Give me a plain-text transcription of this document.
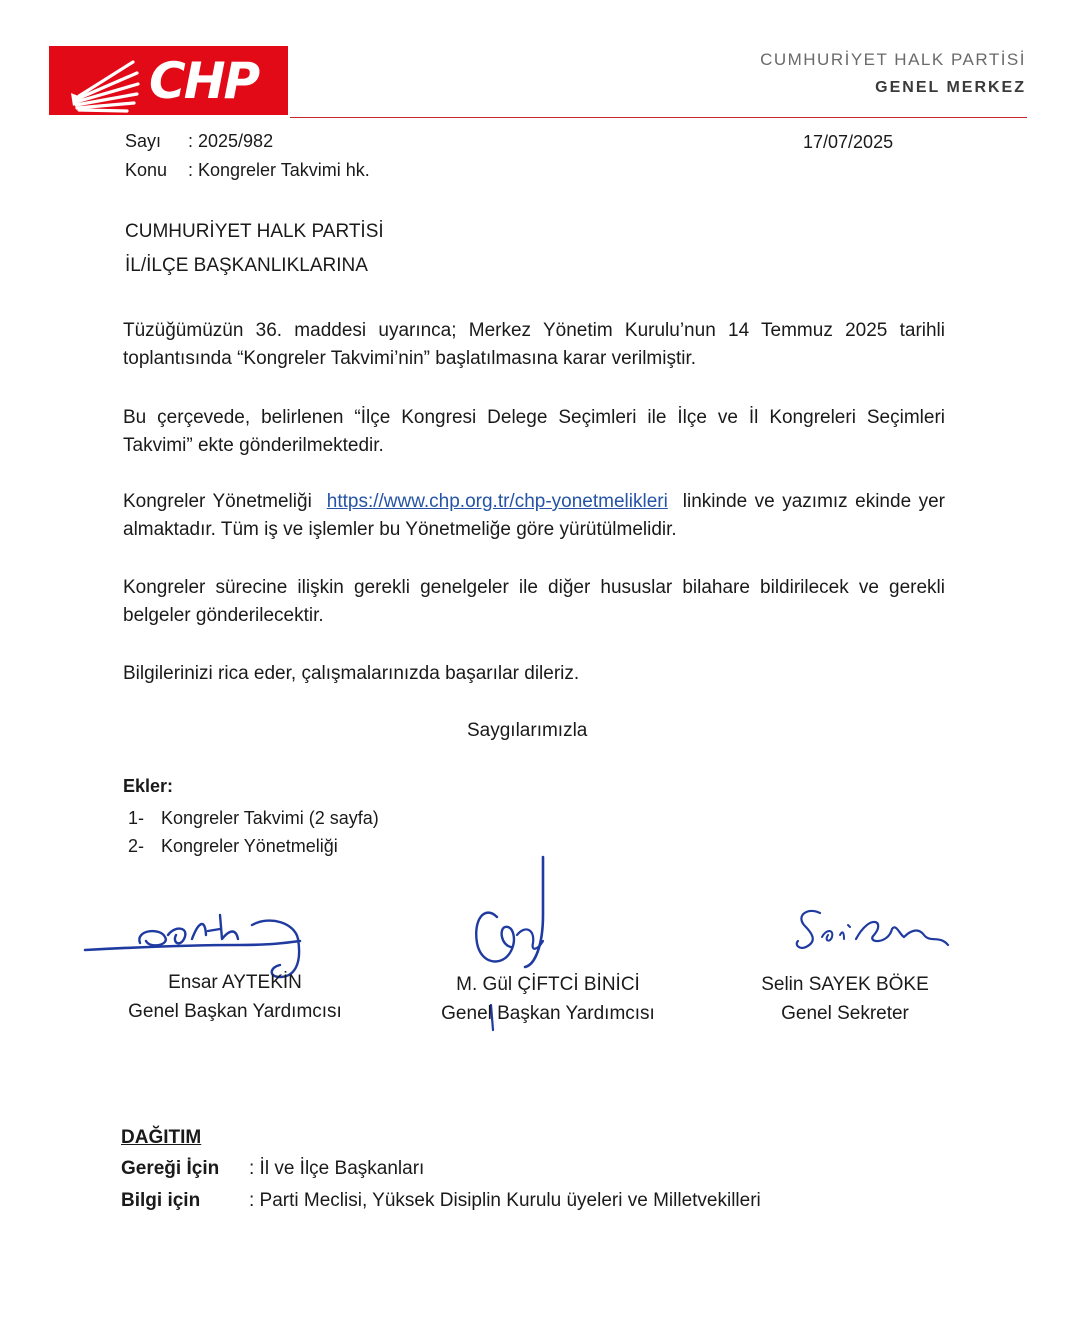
CHP	CUMHURİYET HALK PARTİSİ
GENEL MERKEZ
Sayı : 2025/982
Konu : Kongreler Takvimi hk.
17/07/2025
CUMHURİYET HALK PARTİSİ
İL/İLÇE BAŞKANLIKLARINA
Tüzüğümüzün 36. maddesi uyarınca; Merkez Yönetim Kurulu’nun 14 Temmuz 2025 tarihli toplantısında “Kongreler Takvimi’nin” başlatılmasına karar verilmiştir.
Bu çerçevede, belirlenen “İlçe Kongresi Delege Seçimleri ile İlçe ve İl Kongreleri Seçimleri Takvimi” ekte gönderilmektedir.
Kongreler Yönetmeliği https://www.chp.org.tr/chp-yonetmelikleri linkinde ve yazımız ekinde yer almaktadır. Tüm iş ve işlemler bu Yönetmeliğe göre yürütülmelidir.
Kongreler sürecine ilişkin gerekli genelgeler ile diğer hususlar bilahare bildirilecek ve gerekli belgeler gönderilecektir.
Bilgilerinizi rica eder, çalışmalarınızda başarılar dileriz.
Saygılarımızla
Ekler:
1- Kongreler Takvimi (2 sayfa)
2- Kongreler Yönetmeliği
Ensar AYTEKİN
Genel Başkan Yardımcısı
M. Gül ÇİFTCİ BİNİCİ
Genel Başkan Yardımcısı
Selin SAYEK BÖKE
Genel Sekreter
DAĞITIM
Gereği İçin : İl ve İlçe Başkanları
Bilgi için	: Parti Meclisi, Yüksek Disiplin Kurulu üyeleri ve Milletvekilleri
